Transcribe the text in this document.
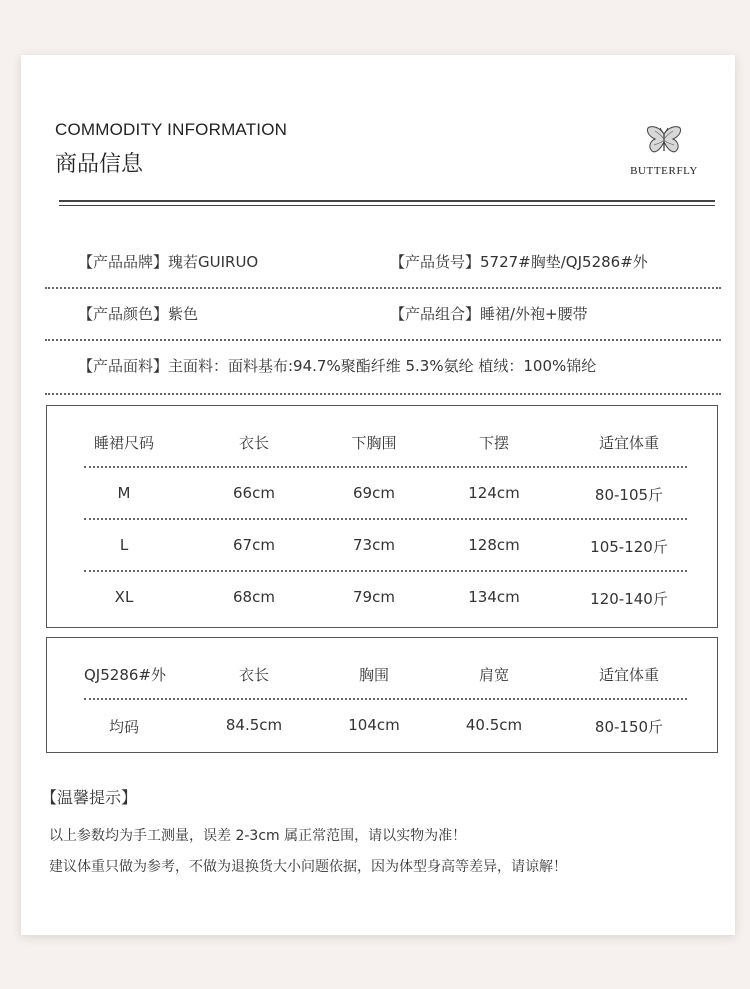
COMMODITY INFORMATION
商品信息	BUTTERFLY
【产品品牌】瑰若GUIRUO	【产品货号】5727#胸垫/QJ5286#外
【产品颜色】紫色	【产品组合】睡裙/外袍+腰带
【产品面料】主面料：面料基布:94.7%聚酯纤维 5.3%氨纶 植绒：100%锦纶
睡裙尺码	衣长	下胸围	下摆	适宜体重
M	66cm	69cm	124cm	80-105斤
L	67cm	73cm	128cm	105-120斤
XL	68cm	79cm	134cm	120-140斤
QJ5286#外	衣长	胸围	肩宽	适宜体重
均码	84.5cm	104cm	40.5cm	80-150斤
【温馨提示】
以上参数均为手工测量，误差 2-3cm 属正常范围，请以实物为准！
建议体重只做为参考，不做为退换货大小问题依据，因为体型身高等差异，请谅解！
